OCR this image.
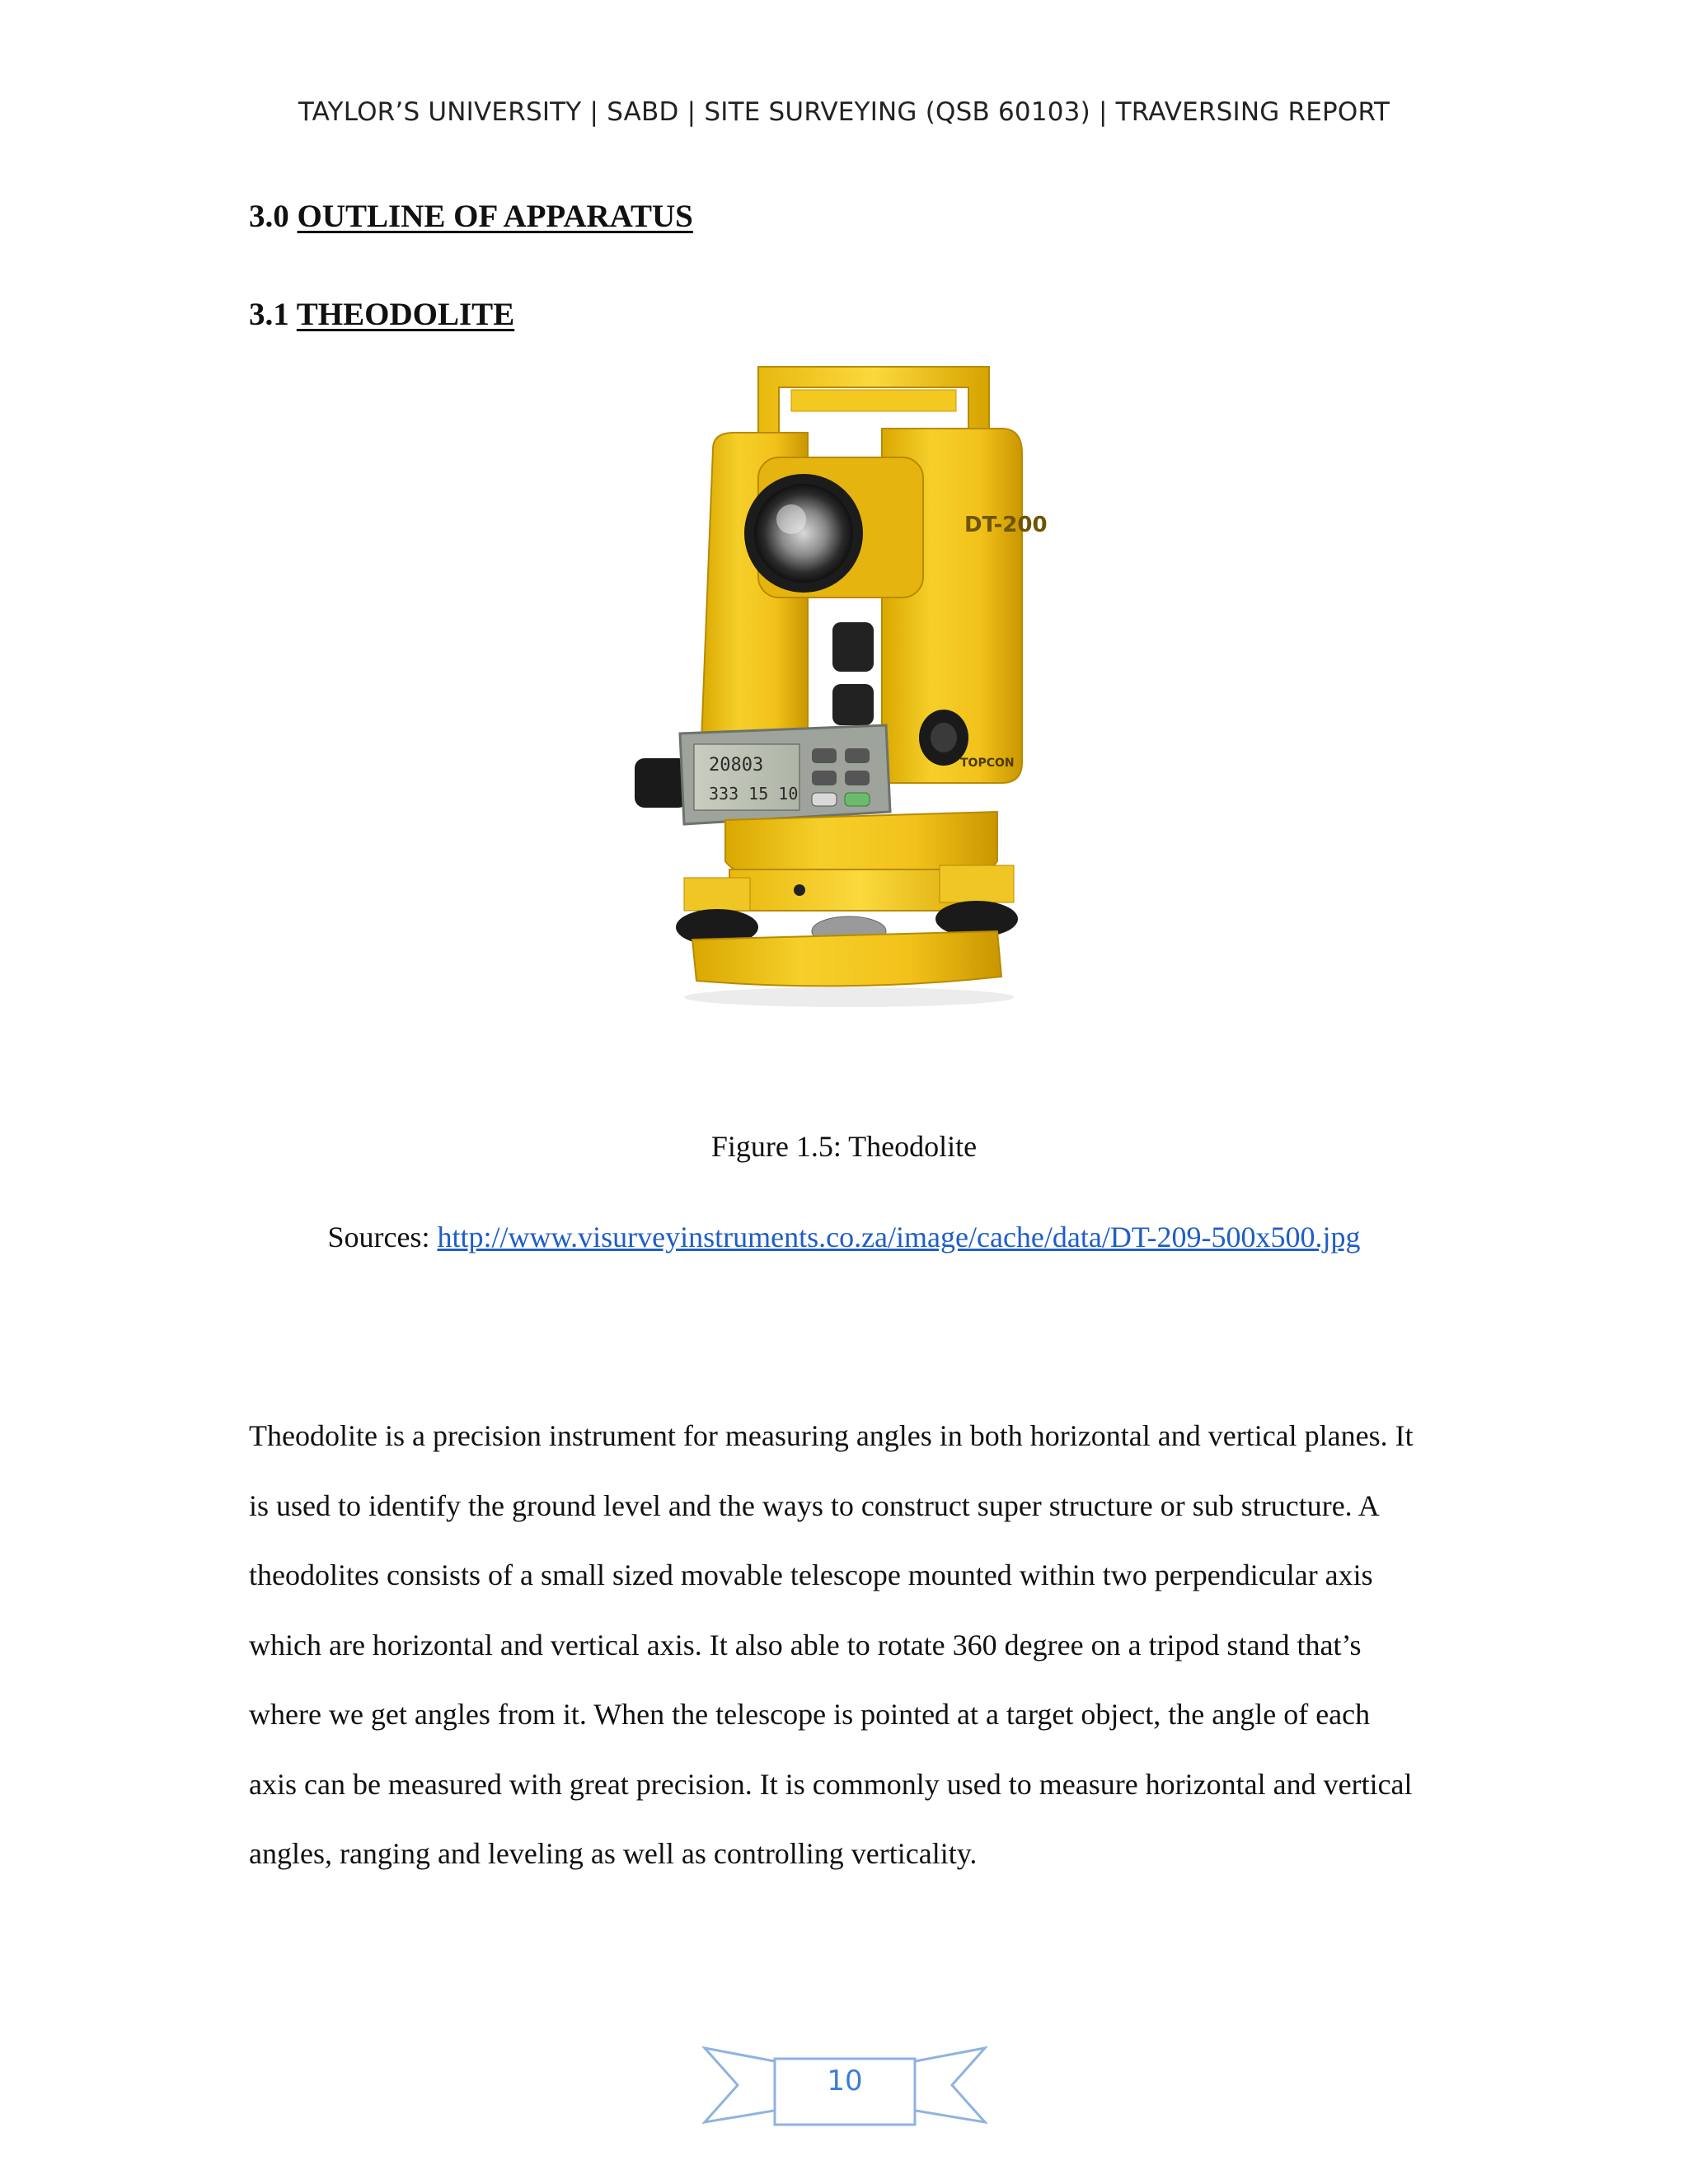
TAYLOR’S UNIVERSITY | SABD | SITE SURVEYING (QSB 60103) | TRAVERSING REPORT
3.0 OUTLINE OF APPARATUS
3.1 THEODOLITE
DT-200
TOPCON
20803
333 15 10
Figure 1.5: Theodolite
Sources: http://www.visurveyinstruments.co.za/image/cache/data/DT-209-500x500.jpg

Theodolite is a precision instrument for measuring angles in both horizontal and vertical planes. It
is used to identify the ground level and the ways to construct super structure or sub structure. A
theodolites consists of a small sized movable telescope mounted within two perpendicular axis
which are horizontal and vertical axis. It also able to rotate 360 degree on a tripod stand that’s
where we get angles from it. When the telescope is pointed at a target object, the angle of each
axis can be measured with great precision. It is commonly used to measure horizontal and vertical
angles, ranging and leveling as well as controlling verticality.

10
